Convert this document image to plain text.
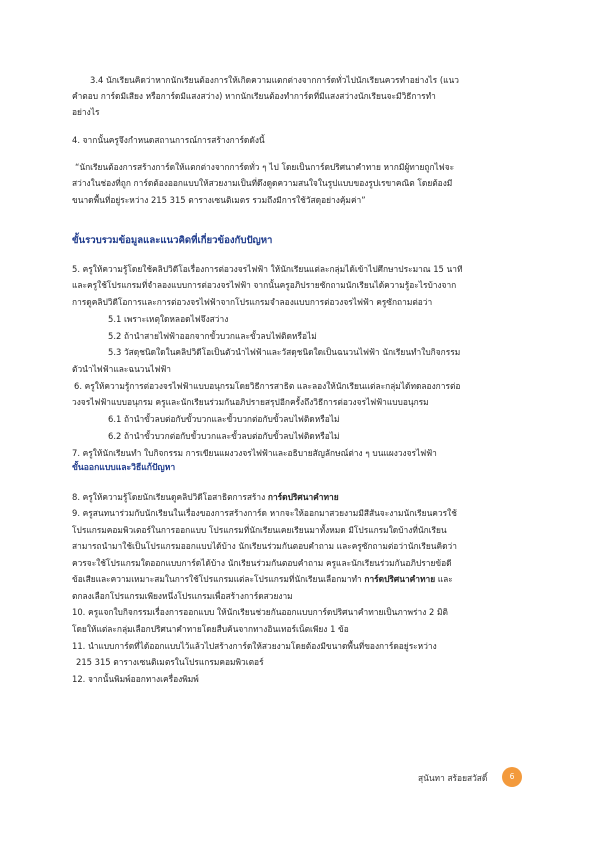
3.4 นักเรียนคิดว่าหากนักเรียนต้องการให้เกิดความแตกต่างจากการ์ดทั่วไปนักเรียนควรทำอย่างไร (แนว
คำตอบ การ์ดมีเสียง หรือการ์ดมีแสงสว่าง) หากนักเรียนต้องทำการ์ดที่มีแสงสว่างนักเรียนจะมีวิธีการทำ
อย่างไร
4. จากนั้นครูจึงกำหนดสถานการณ์การสร้างการ์ดดังนี้
“นักเรียนต้องการสร้างการ์ดให้แตกต่างจากการ์ดทั่ว ๆ ไป โดยเป็นการ์ดปริศนาคำทาย หากมีผู้ทายถูกไฟจะ
สว่างในช่องที่ถูก การ์ดต้องออกแบบให้สวยงามเป็นที่ดึงดูดความสนใจในรูปแบบของรูปเรขาคณิต โดยต้องมี
ขนาดพื้นที่อยู่ระหว่าง 215 315 ตารางเซนติเมตร รวมถึงมีการใช้วัสดุอย่างคุ้มค่า”
ขั้นรวบรวมข้อมูลและแนวคิดที่เกี่ยวข้องกับปัญหา
5. ครูให้ความรู้โดยใช้คลิปวิดีโอเรื่องการต่อวงจรไฟฟ้า ให้นักเรียนแต่ละกลุ่มได้เข้าไปศึกษาประมาณ 15 นาที
และครูใช้โปรแกรมที่จำลองแบบการต่อวงจรไฟฟ้า จากนั้นครูอภิปรายซักถามนักเรียนได้ความรู้อะไรบ้างจาก
การดูคลิปวิดีโอการและการต่อวงจรไฟฟ้าจากโปรแกรมจำลองแบบการต่อวงจรไฟฟ้า ครูซักถามต่อว่า
5.1 เพราะเหตุใดหลอดไฟจึงสว่าง
5.2 ถ้านำสายไฟฟ้าออกจากขั้วบวกและขั้วลบไฟติดหรือไม่
5.3 วัสดุชนิดใดในคลิปวิดีโอเป็นตัวนำไฟฟ้าและวัสดุชนิดใดเป็นฉนวนไฟฟ้า นักเรียนทำใบกิจกรรม
ตัวนำไฟฟ้าและฉนวนไฟฟ้า
6. ครูให้ความรู้การต่อวงจรไฟฟ้าแบบอนุกรมโดยวิธีการสาธิต และลองให้นักเรียนแต่ละกลุ่มได้ทดลองการต่อ
วงจรไฟฟ้าแบบอนุกรม ครูและนักเรียนร่วมกันอภิปรายสรุปอีกครั้งถึงวิธีการต่อวงจรไฟฟ้าแบบอนุกรม
6.1 ถ้านำขั้วลบต่อกับขั้วบวกและขั้วบวกต่อกับขั้วลบไฟติดหรือไม่
6.2 ถ้านำขั้วบวกต่อกับขั้วบวกและขั้วลบต่อกับขั้วลบไฟติดหรือไม่
7. ครูให้นักเรียนทำ ใบกิจกรรม การเขียนแผงวงจรไฟฟ้าและอธิบายสัญลักษณ์ต่าง ๆ บนแผงวงจรไฟฟ้า
ขั้นออกแบบและวิธีแก้ปัญหา
8. ครูให้ความรู้โดยนักเรียนดูคลิปวิดีโอสาธิตการสร้าง การ์ดปริศนาคำทาย
9. ครูสนทนาร่วมกับนักเรียนในเรื่องของการสร้างการ์ด หากจะให้ออกมาสวยงามมีสีสันจะงามนักเรียนควรใช้
โปรแกรมคอมพิวเตอร์ในการออกแบบ โปรแกรมที่นักเรียนเคยเรียนมาทั้งหมด มีโปรแกรมใดบ้างที่นักเรียน
สามารถนำมาใช้เป็นโปรแกรมออกแบบได้บ้าง นักเรียนร่วมกันตอบคำถาม และครูซักถามต่อว่านักเรียนคิดว่า
ควรจะใช้โปรแกรมใดออกแบบการ์ดได้บ้าง นักเรียนร่วมกันตอบคำถาม ครูและนักเรียนร่วมกันอภิปรายข้อดี
ข้อเสียและความเหมาะสมในการใช้โปรแกรมแต่ละโปรแกรมที่นักเรียนเลือกมาทำ การ์ดปริศนาคำทาย และ
ตกลงเลือกโปรแกรมเพียงหนึ่งโปรแกรมเพื่อสร้างการ์ดสวยงาม
10. ครูแจกใบกิจกรรมเรื่องการออกแบบ ให้นักเรียนช่วยกันออกแบบการ์ดปริศนาคำทายเป็นภาพร่าง 2 มิติ
โดยให้แต่ละกลุ่มเลือกปริศนาคำทายโดยสืบค้นจากทางอินเทอร์เน็ตเพียง 1 ข้อ
11. นำแบบการ์ดที่ได้ออกแบบไว้แล้วไปสร้างการ์ดให้สวยงามโดยต้องมีขนาดพื้นที่ของการ์ดอยู่ระหว่าง
215 315 ตารางเซนติเมตรในโปรแกรมคอมพิวเตอร์
12. จากนั้นพิมพ์ออกทางเครื่องพิมพ์
สุนันทา สร้อยสวัสดิ์	6
